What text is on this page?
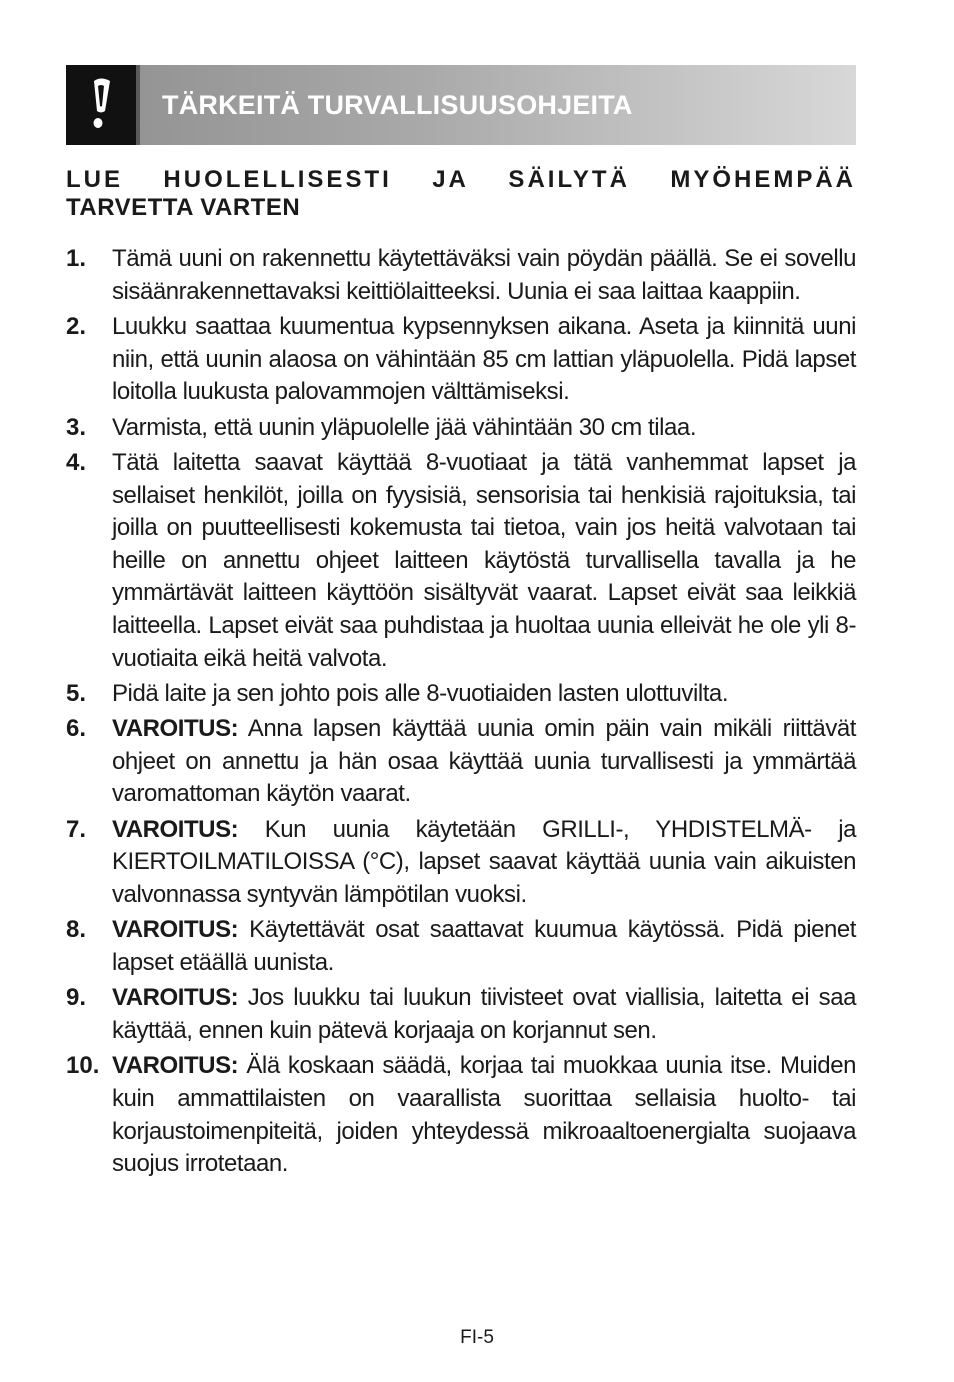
TÄRKEITÄ TURVALLISUUSOHJEITA
LUE HUOLELLISESTI JA SÄILYTÄ MYÖHEMPÄÄ
TARVETTA VARTEN
1.	Tämä uuni on rakennettu käytettäväksi vain pöydän päällä. Se ei sovellu sisäänrakennettavaksi keittiölaitteeksi. Uunia ei saa laittaa kaappiin.
2.	Luukku saattaa kuumentua kypsennyksen aikana. Aseta ja kiinnitä uuni niin, että uunin alaosa on vähintään 85 cm lattian yläpuolella. Pidä lapset loitolla luukusta palovammojen välttämiseksi.
3.	Varmista, että uunin yläpuolelle jää vähintään 30 cm tilaa.
4.	Tätä laitetta saavat käyttää 8-vuotiaat ja tätä vanhemmat lapset ja sellaiset henkilöt, joilla on fyysisiä, sensorisia tai henkisiä rajoituksia, tai joilla on puutteellisesti kokemusta tai tietoa, vain jos heitä valvotaan tai heille on annettu ohjeet laitteen käytöstä turvallisella tavalla ja he ymmärtävät laitteen käyttöön sisältyvät vaarat. Lapset eivät saa leikkiä laitteella. Lapset eivät saa puhdistaa ja huoltaa uunia elleivät he ole yli 8-vuotiaita eikä heitä valvota.
5.	Pidä laite ja sen johto pois alle 8-vuotiaiden lasten ulottuvilta.
6.	VAROITUS: Anna lapsen käyttää uunia omin päin vain mikäli riittävät ohjeet on annettu ja hän osaa käyttää uunia turvallisesti ja ymmärtää varomattoman käytön vaarat.
7.	VAROITUS: Kun uunia käytetään GRILLI-, YHDISTELMÄ- ja KIERTOILMATILOISSA (°C), lapset saavat käyttää uunia vain aikuisten valvonnassa syntyvän lämpötilan vuoksi.
8.	VAROITUS: Käytettävät osat saattavat kuumua käytössä. Pidä pienet lapset etäällä uunista.
9.	VAROITUS: Jos luukku tai luukun tiivisteet ovat viallisia, laitetta ei saa käyttää, ennen kuin pätevä korjaaja on korjannut sen.
10. VAROITUS: Älä koskaan säädä, korjaa tai muokkaa uunia itse. Muiden kuin ammattilaisten on vaarallista suorittaa sellaisia huolto- tai korjaustoimenpiteitä, joiden yhteydessä mikroaaltoenergialta suojaava suojus irrotetaan.
FI-5
